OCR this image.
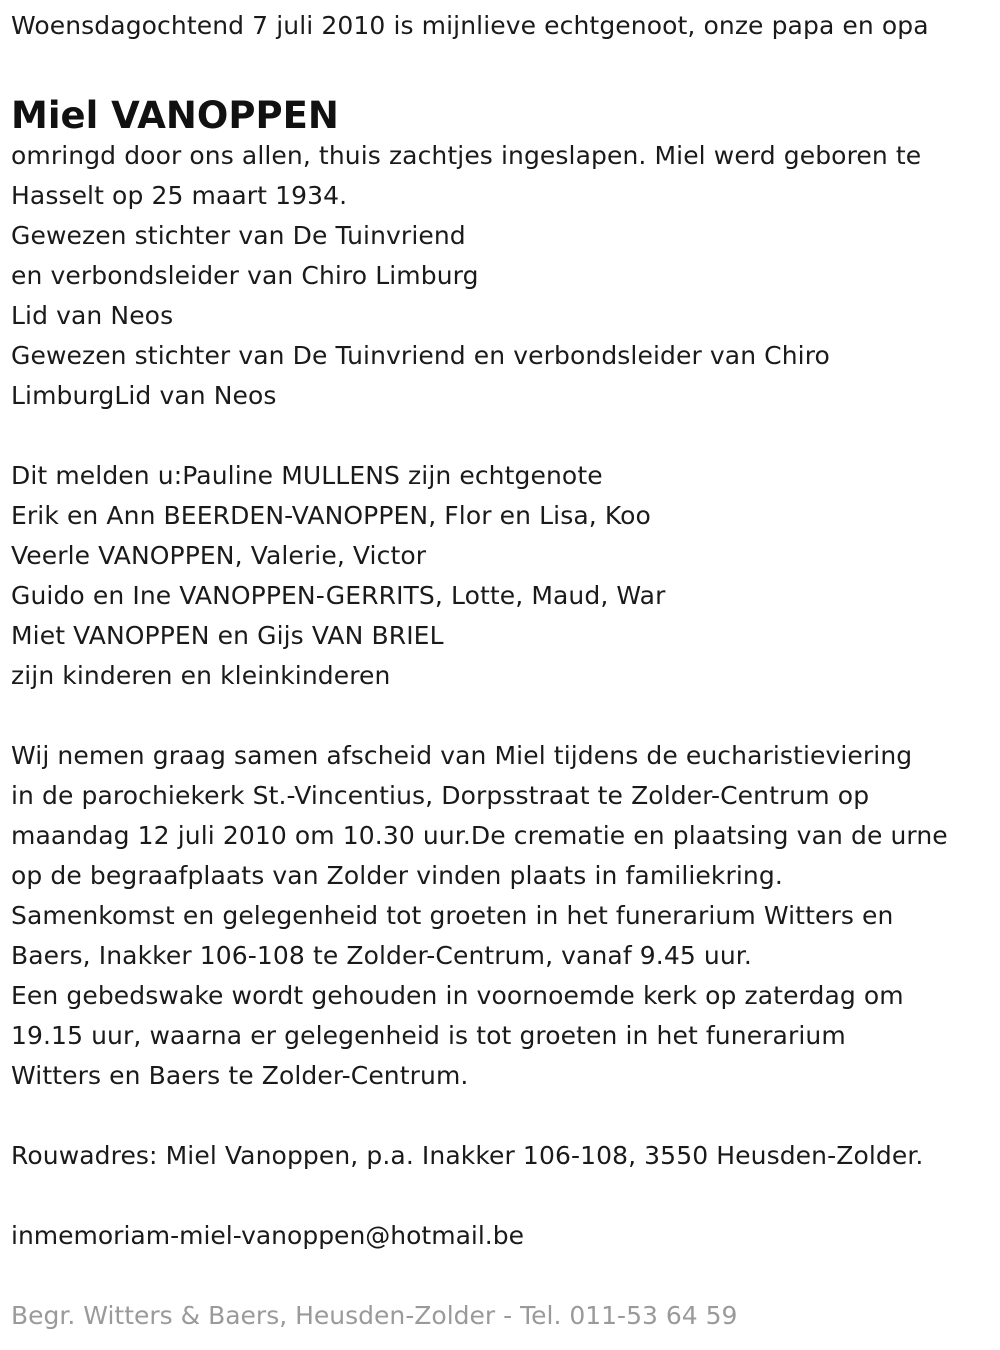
Woensdagochtend 7 juli 2010 is mijnlieve echtgenoot, onze papa en opa
Miel VANOPPEN
omringd door ons allen, thuis zachtjes ingeslapen. Miel werd geboren te
Hasselt op 25 maart 1934.
Gewezen stichter van De Tuinvriend
en verbondsleider van Chiro Limburg
Lid van Neos
Gewezen stichter van De Tuinvriend en verbondsleider van Chiro
LimburgLid van Neos
Dit melden u:Pauline MULLENS zijn echtgenote
Erik en Ann BEERDEN-VANOPPEN, Flor en Lisa, Koo
Veerle VANOPPEN, Valerie, Victor
Guido en Ine VANOPPEN-GERRITS, Lotte, Maud, War
Miet VANOPPEN en Gijs VAN BRIEL
zijn kinderen en kleinkinderen
Wij nemen graag samen afscheid van Miel tijdens de eucharistieviering
in de parochiekerk St.-Vincentius, Dorpsstraat te Zolder-Centrum op
maandag 12 juli 2010 om 10.30 uur.De crematie en plaatsing van de urne
op de begraafplaats van Zolder vinden plaats in familiekring.
Samenkomst en gelegenheid tot groeten in het funerarium Witters en
Baers, Inakker 106-108 te Zolder-Centrum, vanaf 9.45 uur.
Een gebedswake wordt gehouden in voornoemde kerk op zaterdag om
19.15 uur, waarna er gelegenheid is tot groeten in het funerarium
Witters en Baers te Zolder-Centrum.
Rouwadres: Miel Vanoppen, p.a. Inakker 106-108, 3550 Heusden-Zolder.
inmemoriam-miel-vanoppen@hotmail.be
Begr. Witters & Baers, Heusden-Zolder - Tel. 011-53 64 59
